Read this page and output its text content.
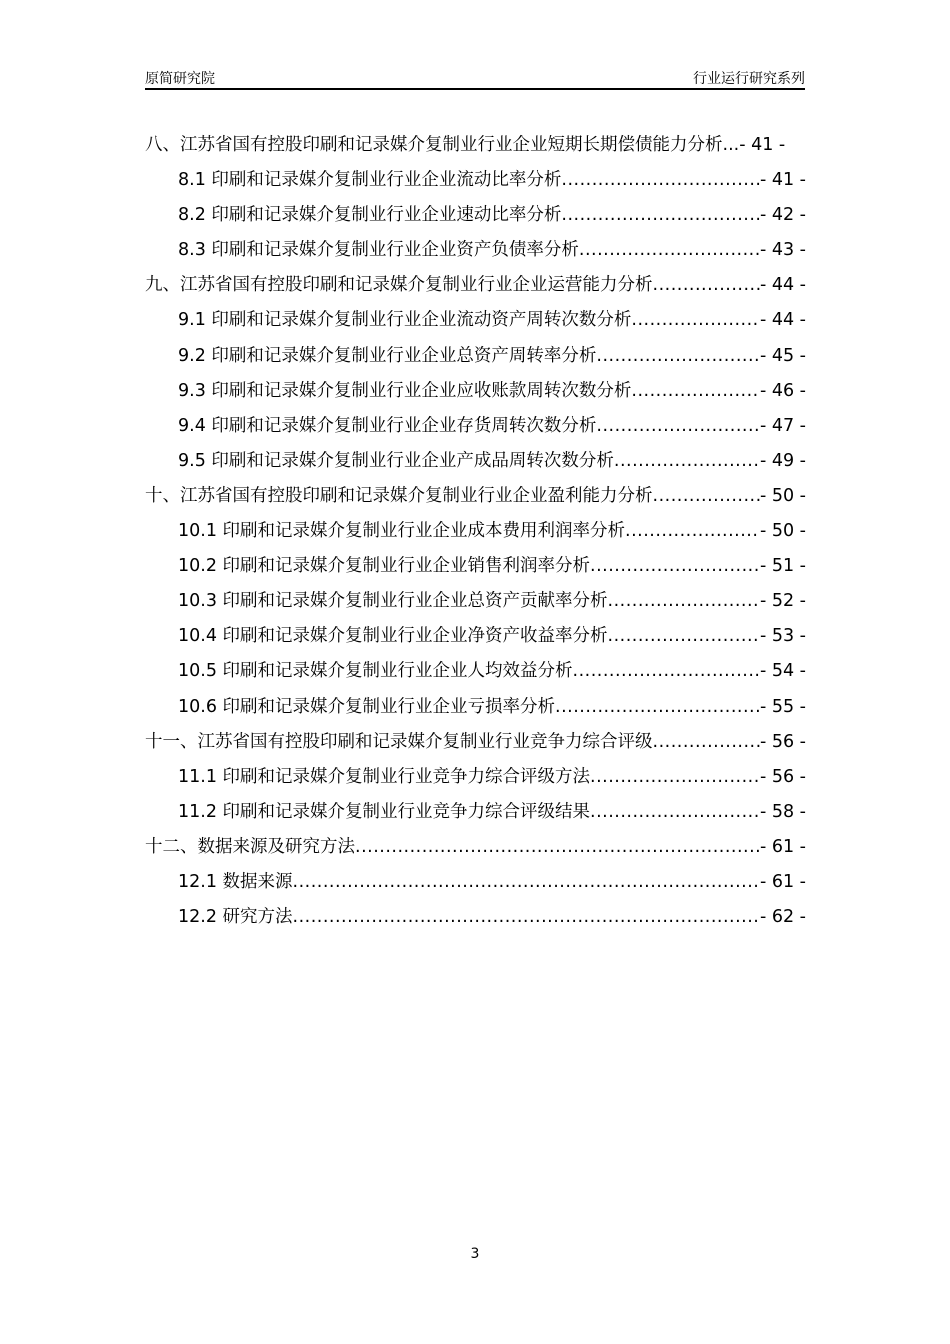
原简研究院	行业运行研究系列
八、江苏省国有控股印刷和记录媒介复制业行业企业短期长期偿债能力分析...- 41 -
8.1 印刷和记录媒介复制业行业企业流动比率分析 .....	- 41 -
8.2 印刷和记录媒介复制业行业企业速动比率分析 .....	- 42 -
8.3 印刷和记录媒介复制业行业企业资产负债率分析 .....	- 43 -
九、江苏省国有控股印刷和记录媒介复制业行业企业运营能力分析 .....	- 44 -
9.1 印刷和记录媒介复制业行业企业流动资产周转次数分析 .....	- 44 -
9.2 印刷和记录媒介复制业行业企业总资产周转率分析 .....	- 45 -
9.3 印刷和记录媒介复制业行业企业应收账款周转次数分析 .....	- 46 -
9.4 印刷和记录媒介复制业行业企业存货周转次数分析 .....	- 47 -
9.5 印刷和记录媒介复制业行业企业产成品周转次数分析 .....	- 49 -
十、江苏省国有控股印刷和记录媒介复制业行业企业盈利能力分析 .....	- 50 -
10.1 印刷和记录媒介复制业行业企业成本费用利润率分析 .....	- 50 -
10.2 印刷和记录媒介复制业行业企业销售利润率分析 .....	- 51 -
10.3 印刷和记录媒介复制业行业企业总资产贡献率分析 .....	- 52 -
10.4 印刷和记录媒介复制业行业企业净资产收益率分析 .....	- 53 -
10.5 印刷和记录媒介复制业行业企业人均效益分析 .....	- 54 -
10.6 印刷和记录媒介复制业行业企业亏损率分析 .....	- 55 -
十一、江苏省国有控股印刷和记录媒介复制业行业竞争力综合评级 .....	- 56 -
11.1 印刷和记录媒介复制业行业竞争力综合评级方法 .....	- 56 -
11.2 印刷和记录媒介复制业行业竞争力综合评级结果 .....	- 58 -
十二、数据来源及研究方法 .....	- 61 -
12.1 数据来源 .....	- 61 -
12.2 研究方法 .....	- 62 -
3
